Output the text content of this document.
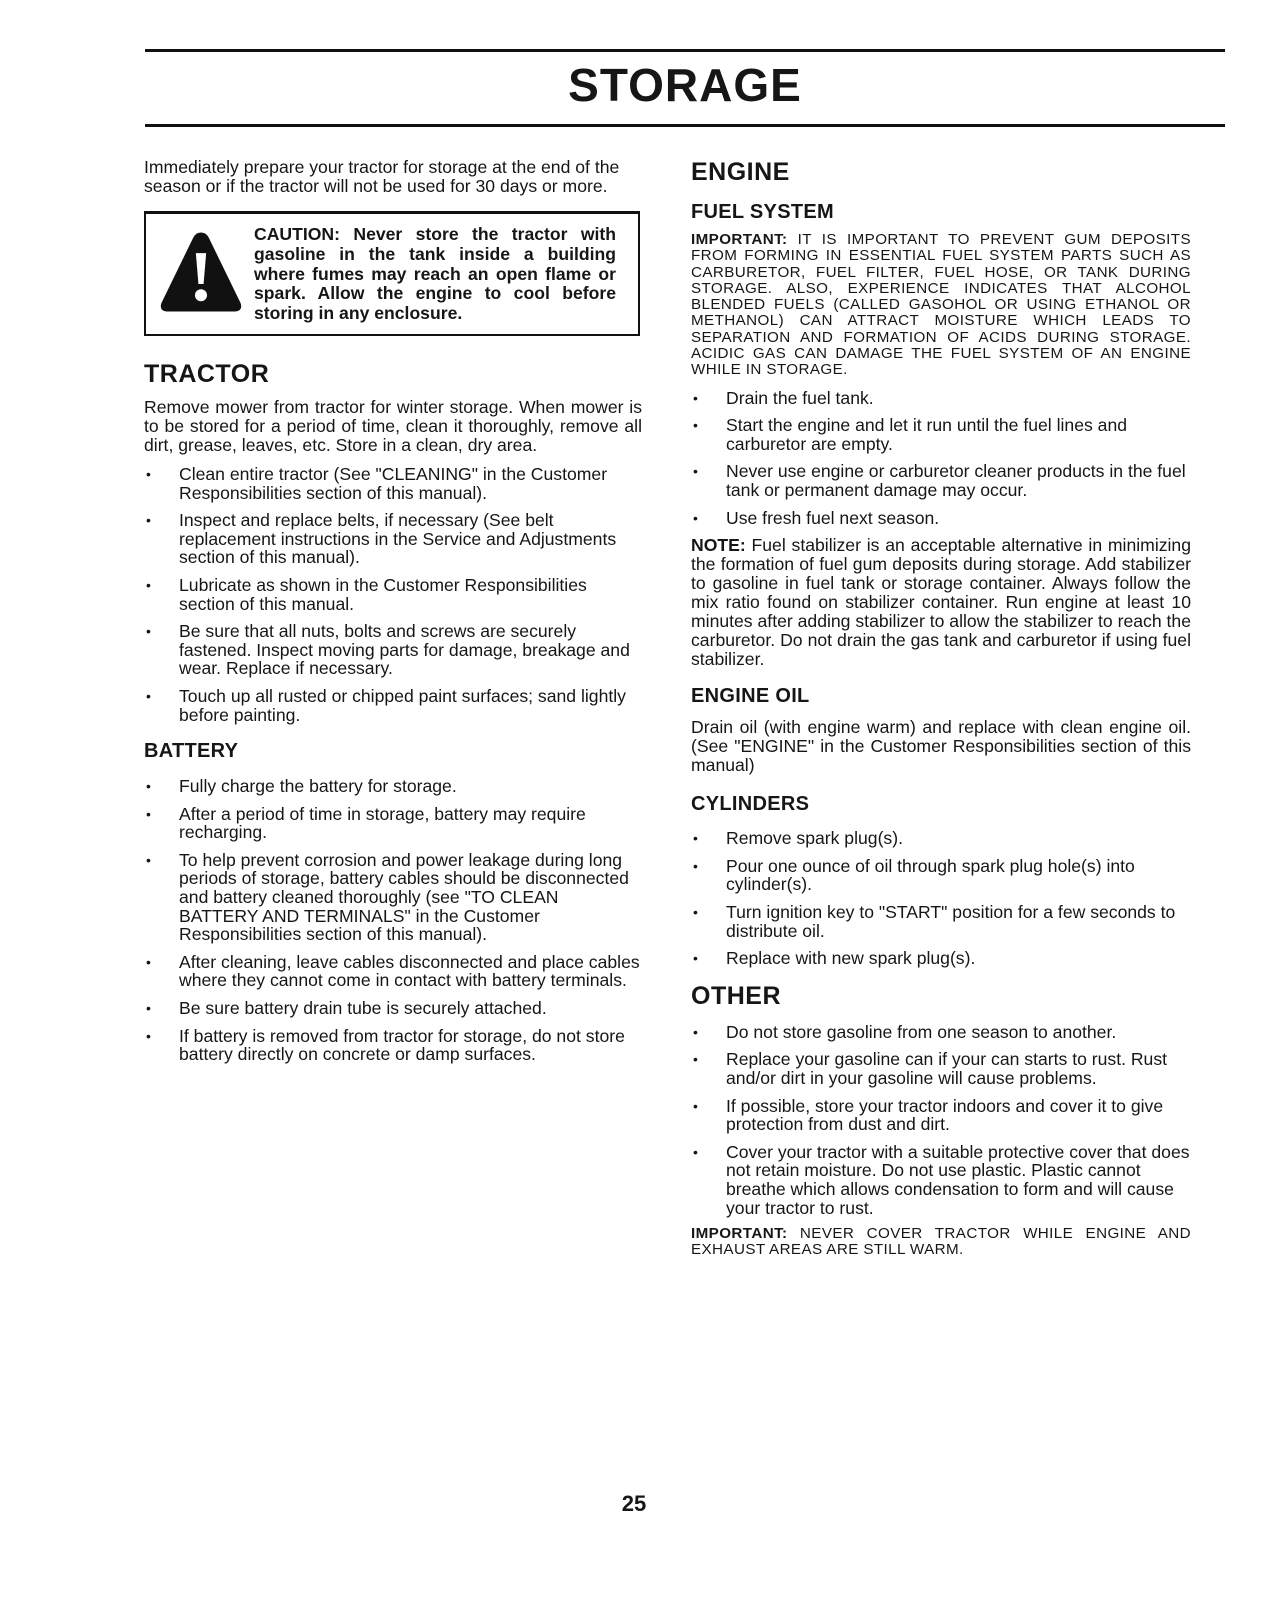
STORAGE

Immediately prepare your tractor for storage at the end of the season or if the tractor will not be used for 30 days or more.

CAUTION: Never store the tractor with gasoline in the tank inside a building where fumes may reach an open flame or spark. Allow the engine to cool before storing in any enclosure.

TRACTOR

Remove mower from tractor for winter storage. When mower is to be stored for a period of time, clean it thoroughly, remove all dirt, grease, leaves, etc. Store in a clean, dry area.

• Clean entire tractor (See "CLEANING" in the Customer Responsibilities section of this manual).
• Inspect and replace belts, if necessary (See belt replacement instructions in the Service and Adjustments section of this manual).
• Lubricate as shown in the Customer Responsibilities section of this manual.
• Be sure that all nuts, bolts and screws are securely fastened. Inspect moving parts for damage, breakage and wear. Replace if necessary.
• Touch up all rusted or chipped paint surfaces; sand lightly before painting.
BATTERY
• Fully charge the battery for storage.
• After a period of time in storage, battery may require recharging.
• To help prevent corrosion and power leakage during long periods of storage, battery cables should be disconnected and battery cleaned thoroughly (see "TO CLEAN BATTERY AND TERMINALS" in the Customer Responsibilities section of this manual).
• After cleaning, leave cables disconnected and place cables where they cannot come in contact with battery terminals.
• Be sure battery drain tube is securely attached.
• If battery is removed from tractor for storage, do not store battery directly on concrete or damp surfaces.
ENGINE
FUEL SYSTEM

IMPORTANT: IT IS IMPORTANT TO PREVENT GUM DEPOSITS FROM FORMING IN ESSENTIAL FUEL SYSTEM PARTS SUCH AS CARBURETOR, FUEL FILTER, FUEL HOSE, OR TANK DURING STORAGE. ALSO, EXPERIENCE INDICATES THAT ALCOHOL BLENDED FUELS (CALLED GASOHOL OR USING ETHANOL OR METHANOL) CAN ATTRACT MOISTURE WHICH LEADS TO SEPARATION AND FORMATION OF ACIDS DURING STORAGE. ACIDIC GAS CAN DAMAGE THE FUEL SYSTEM OF AN ENGINE WHILE IN STORAGE.

• Drain the fuel tank.
• Start the engine and let it run until the fuel lines and carburetor are empty.
• Never use engine or carburetor cleaner products in the fuel tank or permanent damage may occur.
• Use fresh fuel next season.

NOTE: Fuel stabilizer is an acceptable alternative in minimizing the formation of fuel gum deposits during storage. Add stabilizer to gasoline in fuel tank or storage container. Always follow the mix ratio found on stabilizer container. Run engine at least 10 minutes after adding stabilizer to allow the stabilizer to reach the carburetor. Do not drain the gas tank and carburetor if using fuel stabilizer.

ENGINE OIL

Drain oil (with engine warm) and replace with clean engine oil. (See "ENGINE" in the Customer Responsibilities section of this manual)

CYLINDERS
• Remove spark plug(s).
• Pour one ounce of oil through spark plug hole(s) into cylinder(s).
• Turn ignition key to "START" position for a few seconds to distribute oil.
• Replace with new spark plug(s).
OTHER
• Do not store gasoline from one season to another.
• Replace your gasoline can if your can starts to rust. Rust and/or dirt in your gasoline will cause problems.
• If possible, store your tractor indoors and cover it to give protection from dust and dirt.
• Cover your tractor with a suitable protective cover that does not retain moisture. Do not use plastic. Plastic cannot breathe which allows condensation to form and will cause your tractor to rust.

IMPORTANT: NEVER COVER TRACTOR WHILE ENGINE AND EXHAUST AREAS ARE STILL WARM.

25
